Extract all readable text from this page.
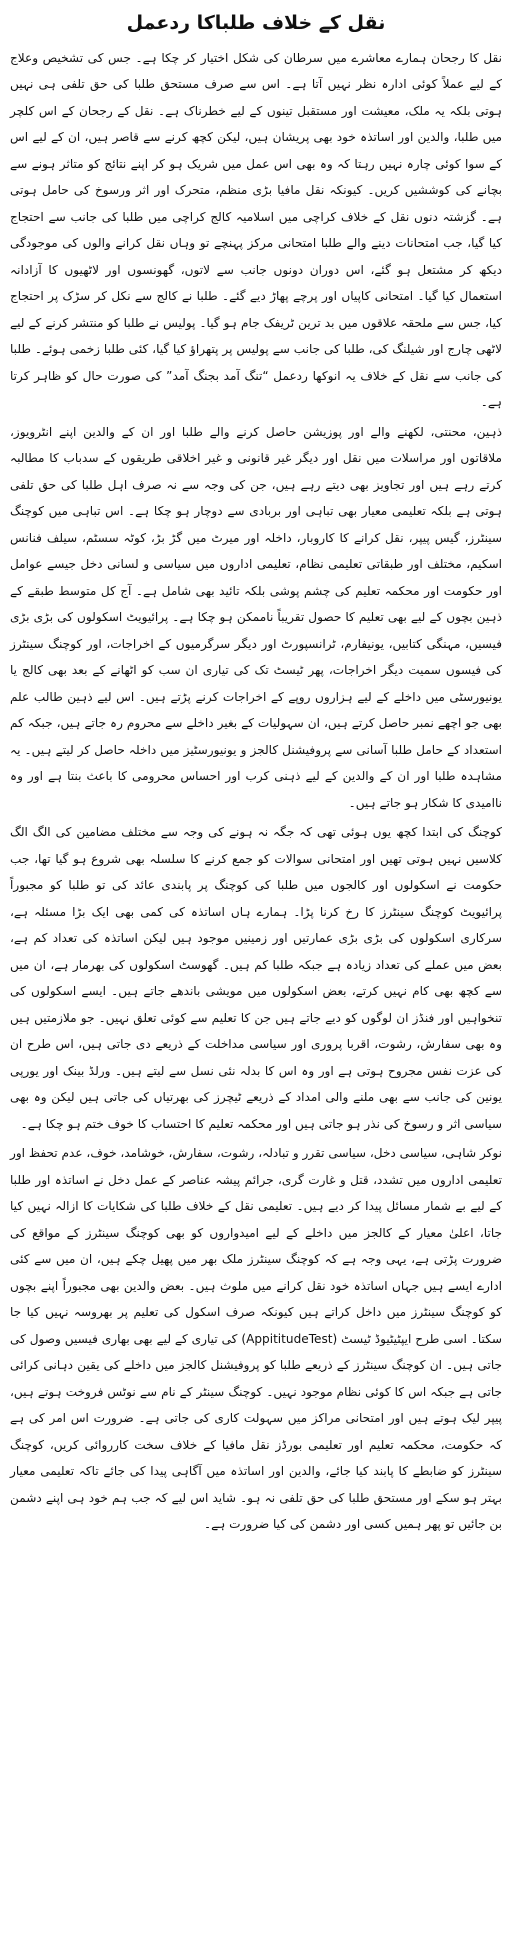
نقل کے خلاف طلباکا ردعمل

نقل کا رجحان ہمارے معاشرے میں سرطان کی شکل اختیار کر چکا ہے۔ جس کی تشخیص وعلاج کے لیے عملاً کوئی ادارہ نظر نہیں آتا ہے۔ اس سے صرف مستحق طلبا کی حق تلفی ہی نہیں ہوتی بلکہ یہ ملک، معیشت اور مستقبل تینوں کے لیے خطرناک ہے۔ نقل کے رجحان کے اس کلچر میں طلبا، والدین اور اساتذہ خود بھی پریشان ہیں، لیکن کچھ کرنے سے قاصر ہیں، ان کے لیے اس کے سوا کوئی چارہ نہیں رہتا کہ وہ بھی اس عمل میں شریک ہو کر اپنے نتائج کو متاثر ہونے سے بچانے کی کوششیں کریں۔ کیونکہ نقل مافیا بڑی منظم، متحرک اور اثر ورسوخ کی حامل ہوتی ہے۔ گزشتہ دنوں نقل کے خلاف کراچی میں اسلامیہ کالج کراچی میں طلبا کی جانب سے احتجاج کیا گیا، جب امتحانات دینے والے طلبا امتحانی مرکز پہنچے تو وہاں نقل کرانے والوں کی موجودگی دیکھ کر مشتعل ہو گئے، اس دوران دونوں جانب سے لاتوں، گھونسوں اور لاٹھیوں کا آزادانہ استعمال کیا گیا۔ امتحانی کاپیاں اور پرچے پھاڑ دیے گئے۔ طلبا نے کالج سے نکل کر سڑک پر احتجاج کیا، جس سے ملحقہ علاقوں میں بد ترین ٹریفک جام ہو گیا۔ پولیس نے طلبا کو منتشر کرنے کے لیے لاٹھی چارج اور شیلنگ کی، طلبا کی جانب سے پولیس پر پتھراؤ کیا گیا، کئی طلبا زخمی ہوئے۔ طلبا کی جانب سے نقل کے خلاف یہ انوکھا ردعمل “تنگ آمد بجنگ آمد” کی صورت حال کو ظاہر کرتا ہے۔

ذہین، محنتی، لکھنے والے اور پوزیشن حاصل کرنے والے طلبا اور ان کے والدین اپنے انٹرویوز، ملاقاتوں اور مراسلات میں نقل اور دیگر غیر قانونی و غیر اخلاقی طریقوں کے سدباب کا مطالبہ کرتے رہے ہیں اور تجاویز بھی دیتے رہے ہیں، جن کی وجہ سے نہ صرف اہل طلبا کی حق تلفی ہوتی ہے بلکہ تعلیمی معیار بھی تباہی اور بربادی سے دوچار ہو چکا ہے۔ اس تباہی میں کوچنگ سینٹرز، گیس پیپر، نقل کرانے کا کاروبار، داخلہ اور میرٹ میں گڑ بڑ، کوٹہ سسٹم، سیلف فنانس اسکیم، مختلف اور طبقاتی تعلیمی نظام، تعلیمی اداروں میں سیاسی و لسانی دخل جیسے عوامل اور حکومت اور محکمہ تعلیم کی چشم پوشی بلکہ تائید بھی شامل ہے۔ آج کل متوسط طبقے کے ذہین بچوں کے لیے بھی تعلیم کا حصول تقریباً ناممکن ہو چکا ہے۔ پرائیویٹ اسکولوں کی بڑی بڑی فیسیں، مہنگی کتابیں، یونیفارم، ٹرانسپورٹ اور دیگر سرگرمیوں کے اخراجات، اور کوچنگ سینٹرز کی فیسوں سمیت دیگر اخراجات، پھر ٹیسٹ تک کی تیاری ان سب کو اٹھانے کے بعد بھی کالج یا یونیورسٹی میں داخلے کے لیے ہزاروں روپے کے اخراجات کرنے پڑتے ہیں۔ اس لیے ذہین طالب علم بھی جو اچھے نمبر حاصل کرتے ہیں، ان سہولیات کے بغیر داخلے سے محروم رہ جاتے ہیں، جبکہ کم استعداد کے حامل طلبا آسانی سے پروفیشنل کالجز و یونیورسٹیز میں داخلہ حاصل کر لیتے ہیں۔ یہ مشاہدہ طلبا اور ان کے والدین کے لیے ذہنی کرب اور احساس محرومی کا باعث بنتا ہے اور وہ ناامیدی کا شکار ہو جاتے ہیں۔

کوچنگ کی ابتدا کچھ یوں ہوئی تھی کہ جگہ نہ ہونے کی وجہ سے مختلف مضامین کی الگ الگ کلاسیں نہیں ہوتی تھیں اور امتحانی سوالات کو جمع کرنے کا سلسلہ بھی شروع ہو گیا تھا، جب حکومت نے اسکولوں اور کالجوں میں طلبا کی کوچنگ پر پابندی عائد کی تو طلبا کو مجبوراً پرائیویٹ کوچنگ سینٹرز کا رخ کرنا پڑا۔ ہمارے ہاں اساتذہ کی کمی بھی ایک بڑا مسئلہ ہے، سرکاری اسکولوں کی بڑی بڑی عمارتیں اور زمینیں موجود ہیں لیکن اساتذہ کی تعداد کم ہے، بعض میں عملے کی تعداد زیادہ ہے جبکہ طلبا کم ہیں۔ گھوسٹ اسکولوں کی بھرمار ہے، ان میں سے کچھ بھی کام نہیں کرتے، بعض اسکولوں میں مویشی باندھے جاتے ہیں۔ ایسے اسکولوں کی تنخواہیں اور فنڈز ان لوگوں کو دیے جاتے ہیں جن کا تعلیم سے کوئی تعلق نہیں۔ جو ملازمتیں ہیں وہ بھی سفارش، رشوت، اقربا پروری اور سیاسی مداخلت کے ذریعے دی جاتی ہیں، اس طرح ان کی عزت نفس مجروح ہوتی ہے اور وہ اس کا بدلہ نئی نسل سے لیتے ہیں۔ ورلڈ بینک اور یورپی یونین کی جانب سے بھی ملنے والی امداد کے ذریعے ٹیچرز کی بھرتیاں کی جاتی ہیں لیکن وہ بھی سیاسی اثر و رسوخ کی نذر ہو جاتی ہیں اور محکمہ تعلیم کا احتساب کا خوف ختم ہو چکا ہے۔

نوکر شاہی، سیاسی دخل، سیاسی تقرر و تبادلہ، رشوت، سفارش، خوشامد، خوف، عدم تحفظ اور تعلیمی اداروں میں تشدد، قتل و غارت گری، جرائم پیشہ عناصر کے عمل دخل نے اساتذہ اور طلبا کے لیے بے شمار مسائل پیدا کر دیے ہیں۔ تعلیمی نقل کے خلاف طلبا کی شکایات کا ازالہ نہیں کیا جاتا، اعلیٰ معیار کے کالجز میں داخلے کے لیے امیدواروں کو بھی کوچنگ سینٹرز کے مواقع کی ضرورت پڑتی ہے، یہی وجہ ہے کہ کوچنگ سینٹرز ملک بھر میں پھیل چکے ہیں، ان میں سے کئی ادارے ایسے ہیں جہاں اساتذہ خود نقل کرانے میں ملوث ہیں۔ بعض والدین بھی مجبوراً اپنے بچوں کو کوچنگ سینٹرز میں داخل کراتے ہیں کیونکہ صرف اسکول کی تعلیم پر بھروسہ نہیں کیا جا سکتا۔ اسی طرح ایپٹیٹیوڈ ٹیسٹ (AppititudeTest) کی تیاری کے لیے بھی بھاری فیسیں وصول کی جاتی ہیں۔ ان کوچنگ سینٹرز کے ذریعے طلبا کو پروفیشنل کالجز میں داخلے کی یقین دہانی کرائی جاتی ہے جبکہ اس کا کوئی نظام موجود نہیں۔ کوچنگ سینٹر کے نام سے نوٹس فروخت ہوتے ہیں، پیپر لیک ہوتے ہیں اور امتحانی مراکز میں سہولت کاری کی جاتی ہے۔ ضرورت اس امر کی ہے کہ حکومت، محکمہ تعلیم اور تعلیمی بورڈز نقل مافیا کے خلاف سخت کارروائی کریں، کوچنگ سینٹرز کو ضابطے کا پابند کیا جائے، والدین اور اساتذہ میں آگاہی پیدا کی جائے تاکہ تعلیمی معیار بہتر ہو سکے اور مستحق طلبا کی حق تلفی نہ ہو۔ شاید اس لیے کہ جب ہم خود ہی اپنے دشمن بن جائیں تو پھر ہمیں کسی اور دشمن کی کیا ضرورت ہے۔
